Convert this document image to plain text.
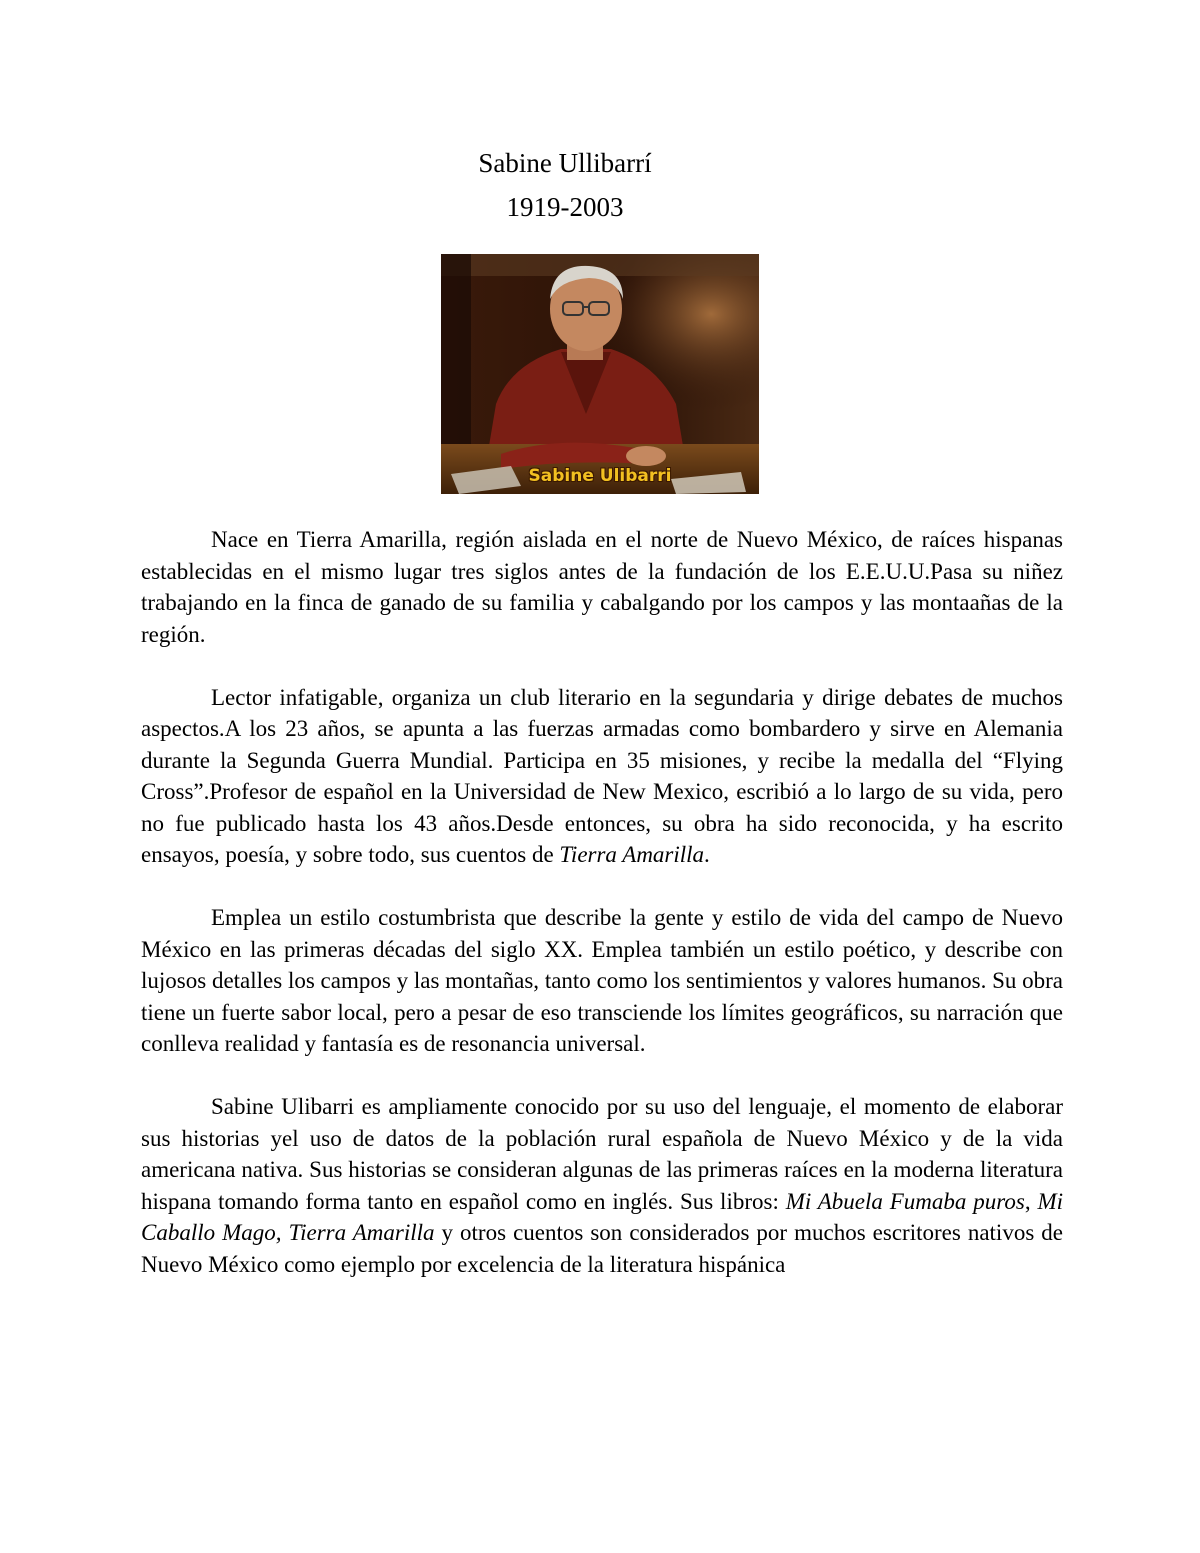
Sabine Ullibarrí
1919-2003
Sabine Ulibarri

Nace en Tierra Amarilla, región aislada en el norte de Nuevo México, de raíces hispanas establecidas en el mismo lugar tres siglos antes de la fundación de los E.E.U.U.Pasa su niñez trabajando en la finca de ganado de su familia y cabalgando por los campos y las montaañas de la región.

Lector infatigable, organiza un club literario en la segundaria y dirige debates de muchos aspectos.A los 23 años, se apunta a las fuerzas armadas como bombardero y sirve en Alemania durante la Segunda Guerra Mundial. Participa en 35 misiones, y recibe la medalla del “Flying Cross”.Profesor de español en la Universidad de New Mexico, escribió a lo largo de su vida, pero no fue publicado hasta los 43 años.Desde entonces, su obra ha sido reconocida, y ha escrito ensayos, poesía, y sobre todo, sus cuentos de Tierra Amarilla.

Emplea un estilo costumbrista que describe la gente y estilo de vida del campo de Nuevo México en las primeras décadas del siglo XX. Emplea también un estilo poético, y describe con lujosos detalles los campos y las montañas, tanto como los sentimientos y valores humanos. Su obra tiene un fuerte sabor local, pero a pesar de eso transciende los límites geográficos, su narración que conlleva realidad y fantasía es de resonancia universal.

Sabine Ulibarri es ampliamente conocido por su uso del lenguaje, el momento de elaborar sus historias yel uso de datos de la población rural española de Nuevo México y de la vida americana nativa. Sus historias se consideran algunas de las primeras raíces en la moderna literatura hispana tomando forma tanto en español como en inglés. Sus libros: Mi Abuela Fumaba puros, Mi Caballo Mago, Tierra Amarilla y otros cuentos son considerados por muchos escritores nativos de Nuevo México como ejemplo por excelencia de la literatura hispánica
